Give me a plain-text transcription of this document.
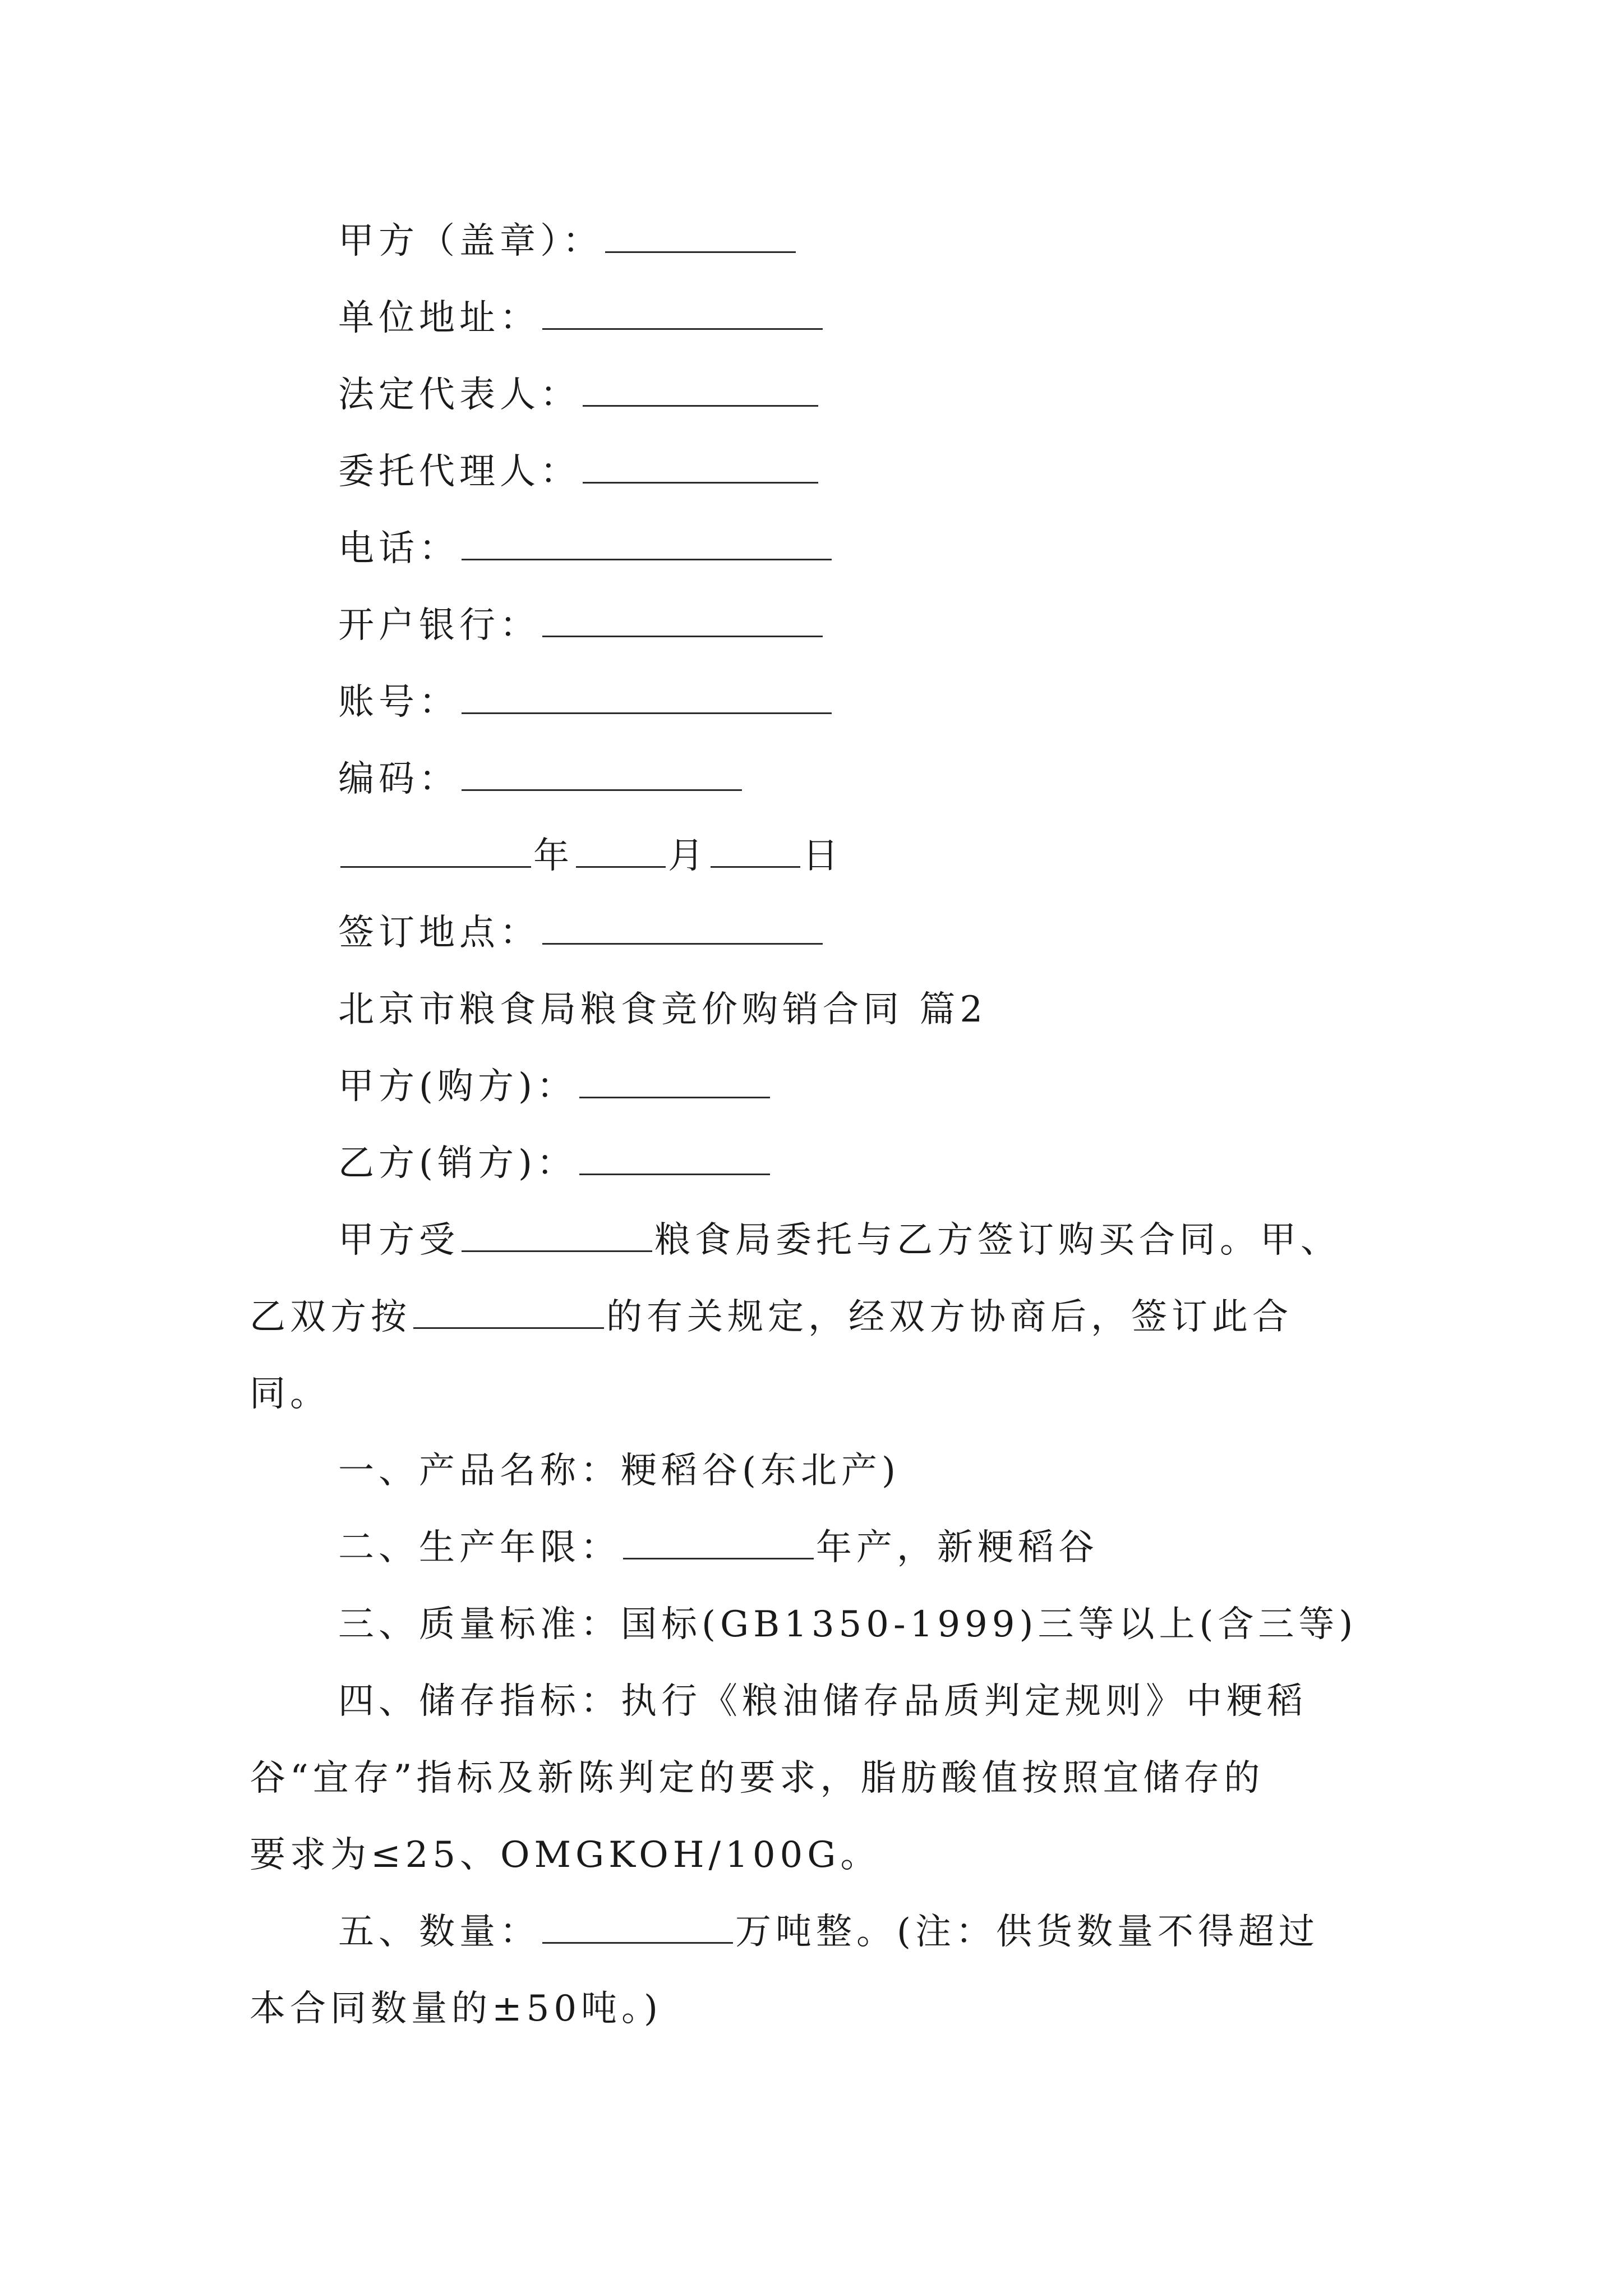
甲方（盖章）：
单位地址：
法定代表人：
委托代理人：
电话：
开户银行：
账号：
编码：
年	月	日
签订地点：
北京市粮食局粮食竞价购销合同 篇2
甲方(购方)：
乙方(销方)：
甲方受	粮食局委托与乙方签订购买合同。甲、
乙双方按	的有关规定，经双方协商后，签订此合
同。
一、产品名称：粳稻谷(东北产)
二、生产年限：	年产，新粳稻谷
三、质量标准：国标(GB1350-1999)三等以上(含三等)
四、储存指标：执行《粮油储存品质判定规则》中粳稻
谷“宜存”指标及新陈判定的要求，脂肪酸值按照宜储存的
要求为≤25、OMGKOH/100G。
五、数量：	万吨整。(注：供货数量不得超过
本合同数量的±50吨。)
